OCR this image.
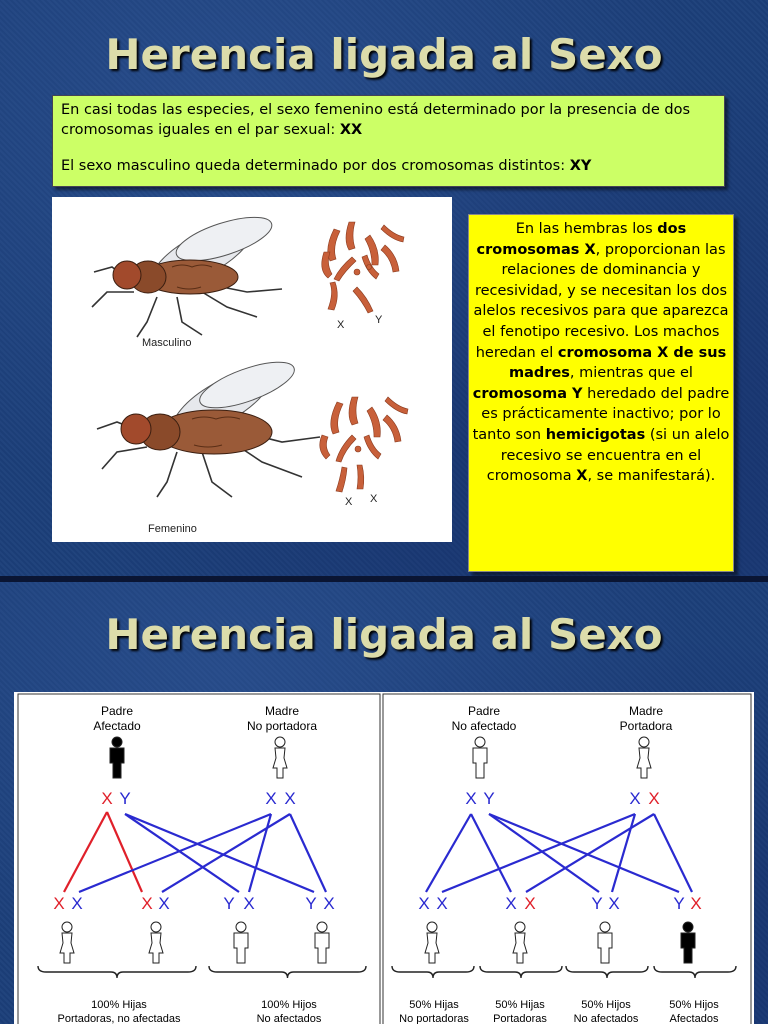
Herencia ligada al Sexo

En casi todas las especies, el sexo femenino está determinado por la presencia de dos cromosomas iguales en el par sexual: XX

El sexo masculino queda determinado por dos cromosomas distintos: XY

Masculino
X	Y
Femenino
X X
En las hembras los dos cromosomas X, proporcionan las relaciones de dominancia y recesividad, y se necesitan los dos alelos recesivos para que aparezca el fenotipo recesivo. Los machos heredan el cromosoma X de sus madres, mientras que el cromosoma Y heredado del padre es prácticamente inactivo; por lo tanto son hemicigotas (si un alelo recesivo se encuentra en el cromosoma X, se manifestará).
Herencia ligada al Sexo
Padre
Afectado
Madre
No portadora
Padre
No afectado
Madre
Portadora
100% Hijas
Portadoras, no afectadas
100% Hijos
No afectados
50% Hijas
No portadoras
50% Hijas
Portadoras
50% Hijos
No afectados
50% Hijos
Afectados
X Y	X X
X X	X X	Y X	Y X
X Y	X X
X X	X X	Y X	Y X
